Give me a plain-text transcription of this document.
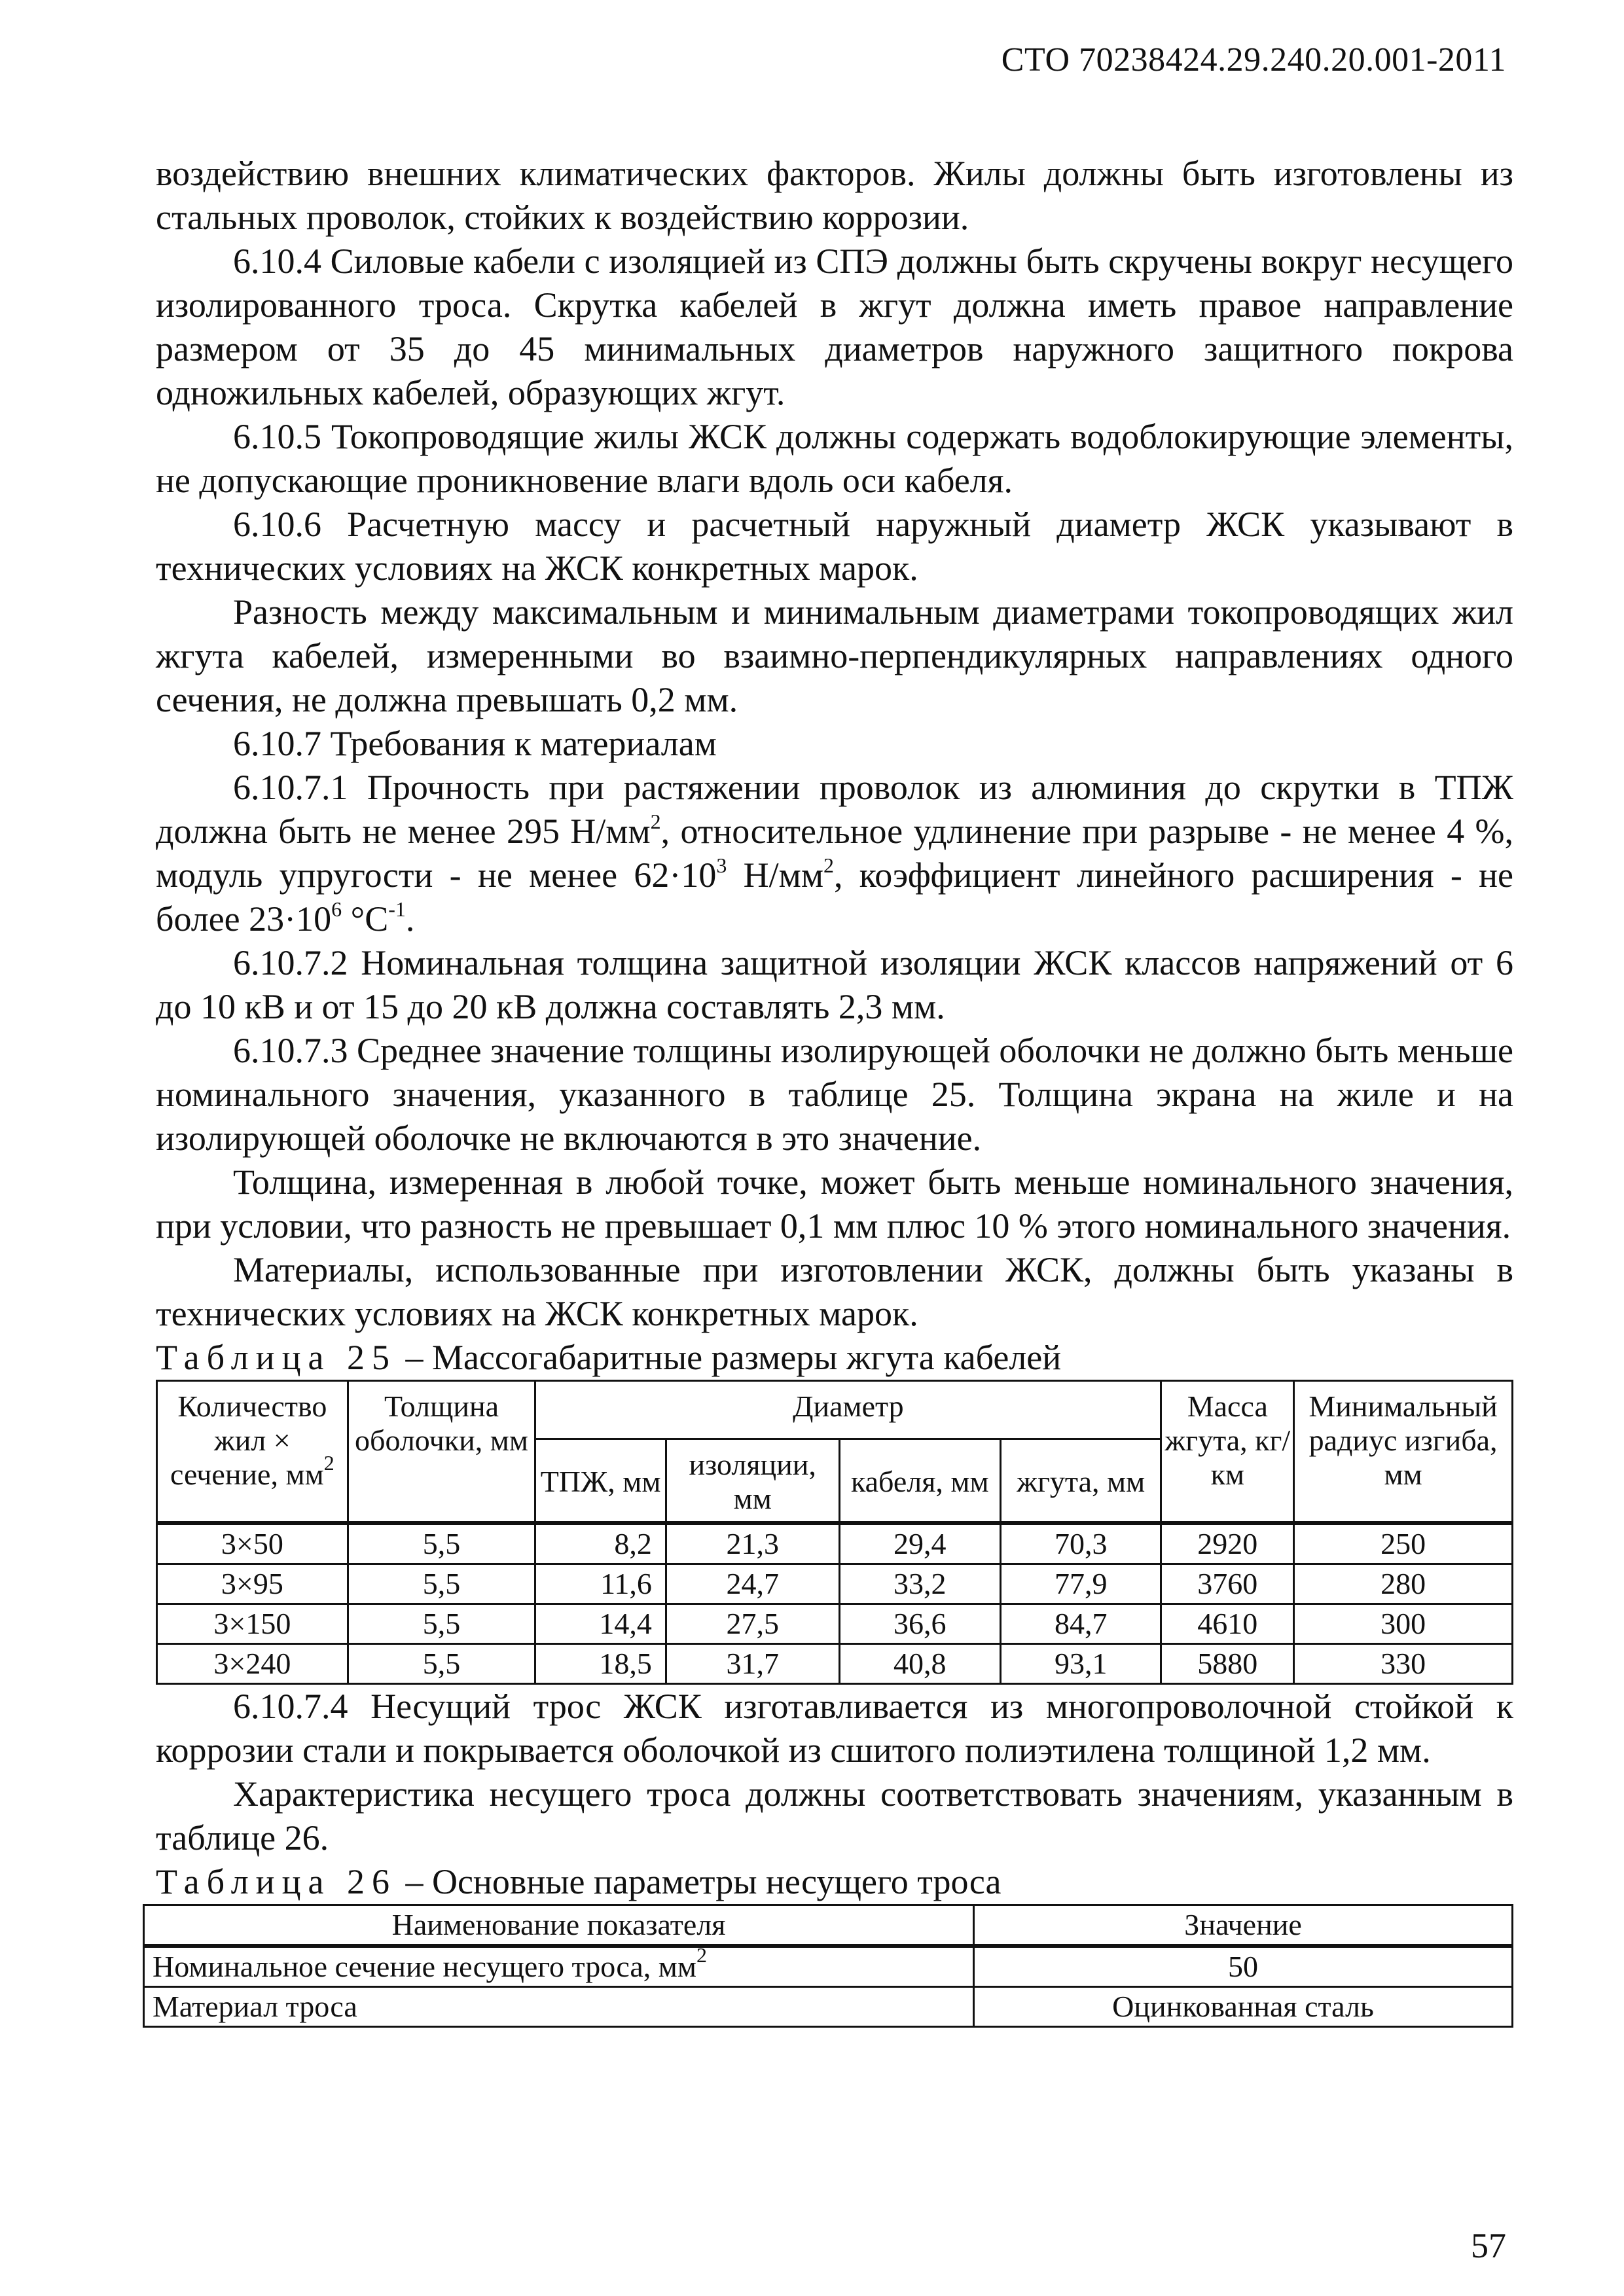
СТО 70238424.29.240.20.001-2011

воздействию внешних климатических факторов. Жилы должны быть изготовлены из стальных проволок, стойких к воздействию коррозии.

6.10.4 Силовые кабели с изоляцией из СПЭ должны быть скручены вокруг несущего изолированного троса. Скрутка кабелей в жгут должна иметь правое направление размером от 35 до 45 минимальных диаметров наружного защитного покрова одножильных кабелей, образующих жгут.

6.10.5 Токопроводящие жилы ЖСК должны содержать водоблокирующие элементы, не допускающие проникновение влаги вдоль оси кабеля.

6.10.6 Расчетную массу и расчетный наружный диаметр ЖСК указывают в технических условиях на ЖСК конкретных марок.

Разность между максимальным и минимальным диаметрами токопроводящих жил жгута кабелей, измеренными во взаимно-перпендикулярных направлениях одного сечения, не должна превышать 0,2 мм.

6.10.7 Требования к материалам

6.10.7.1 Прочность при растяжении проволок из алюминия до скрутки в ТПЖ должна быть не менее 295 $Н/мм^2$, относительное удлинение при разрыве - не менее 4 %, модуль упругости - не менее $62\cdot 10^3$ $Н/мм^2$, коэффициент линейного расширения - не более $23\cdot 10^6$ $^\circ С^{-1}$.

6.10.7.2 Номинальная толщина защитной изоляции ЖСК классов напряжений от 6 до 10 кВ и от 15 до 20 кВ должна составлять 2,3 мм.

6.10.7.3 Среднее значение толщины изолирующей оболочки не должно быть меньше номинального значения, указанного в таблице 25. Толщина экрана на жиле и на изолирующей оболочке не включаются в это значение.

Толщина, измеренная в любой точке, может быть меньше номинального значения, при условии, что разность не превышает 0,1 мм плюс 10 % этого номинального значения.

Материалы, использованные при изготовлении ЖСК, должны быть указаны в технических условиях на ЖСК конкретных марок.

Таблица 25 – Массогабаритные размеры жгута кабелей

Количество жил × сечение, $мм^2$	Толщина оболочки, мм	Диаметр				Масса жгута, кг/км	Минимальный радиус изгиба, мм
		ТПЖ, мм	изоляции, мм	кабеля, мм	жгута, мм		
3×50	5,5	8,2	21,3	29,4	70,3	2920	250
3×95	5,5	11,6	24,7	33,2	77,9	3760	280
3×150	5,5	14,4	27,5	36,6	84,7	4610	300
3×240	5,5	18,5	31,7	40,8	93,1	5880	330

6.10.7.4 Несущий трос ЖСК изготавливается из многопроволочной стойкой к коррозии стали и покрывается оболочкой из сшитого полиэтилена толщиной 1,2 мм.

Характеристика несущего троса должны соответствовать значениям, указанным в таблице 26.

Таблица 26 – Основные параметры несущего троса

Наименование показателя	Значение
Номинальное сечение несущего троса, $мм^2$	50
Материал троса	Оцинкованная сталь
57
